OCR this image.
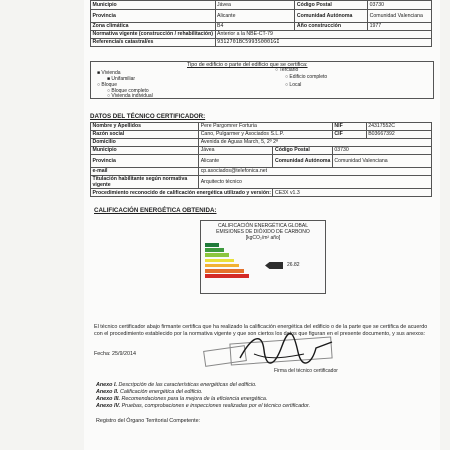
Municipio	Jávea	Código Postal	03730
Provincia	Alicante	Comunidad Autónoma	Comunidad Valenciana
Zona climática	B4	Año construcción	1977
Normativa vigente (construcción / rehabilitación)	Anterior a la NBE-CT-79		
Referencia/s catastral/es	9312701BC5993S0001GI		
Tipo de edificio o parte del edificio que se certifica:
■ Vivienda
■ Unifamiliar
○ Bloque
○ Bloque completo
○ Vivienda individual
○ Terciario
○ Edificio completo
○ Local
DATOS DEL TÉCNICO CERTIFICADOR:
Nombre y Apellidos	Pere Pargomrer Forturia		NIF	24317552C
Razón social	Cano, Pulgarmer y Asociados S.L.P.		CIF	B03667392
Domicilio	Avenida de Aguas March, 5, 2º 2ª			
Municipio	Jávea	Código Postal	03730	
Provincia	Alicante	Comunidad Autónoma	Comunidad Valenciana	
e-mail	cp.asociados@telefonica.net			
Titulación habilitante según normativa vigente	Arquitecto técnico			
Procedimiento reconocido de calificación energética utilizado y versión:		CE3X v1.3		
CALIFICACIÓN ENERGÉTICA OBTENIDA:
CALIFICACIÓN ENERGÉTICA GLOBAL
EMISIONES DE DIÓXIDO DE CARBONO
[kgCO₂/m² año]
26.82
El técnico certificador abajo firmante certifica que ha realizado la calificación energética del edificio o de la parte que se certifica de acuerdo con el procedimiento establecido por la normativa vigente y que son ciertos los datos que figuran en el presente documento, y sus anexos:
Fecha: 25/9/2014
Firma del técnico certificador
Anexo I. Descripción de las características energéticas del edificio.
Anexo II. Calificación energética del edificio.
Anexo III. Recomendaciones para la mejora de la eficiencia energética.
Anexo IV. Pruebas, comprobaciones e inspecciones realizadas por el técnico certificador.
Registro del Órgano Territorial Competente:
